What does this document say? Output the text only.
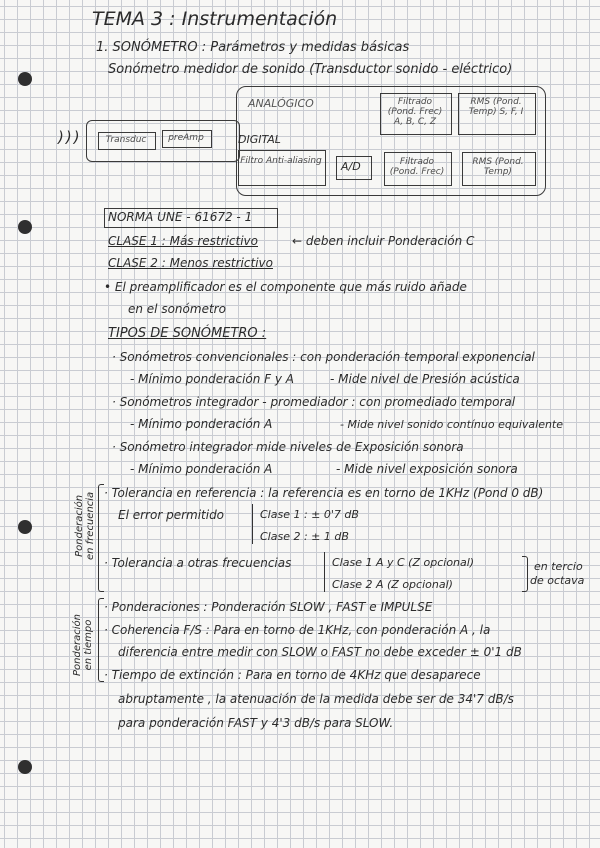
TEMA 3 : Instrumentación
1. SONÓMETRO : Parámetros y medidas básicas
Sonómetro medidor de sonido (Transductor sonido - eléctrico)
)))	Transduc	preAmp
ANALÓGICO
DIGITAL
Filtrado (Pond. Frec) A, B, C, Z
RMS (Pond. Temp) S, F, I
Filtro Anti-aliasing A/D	Filtrado (Pond. Frec)
RMS (Pond. Temp)
NORMA UNE - 61672 - 1
CLASE 1 : Más restrictivo	← deben incluir Ponderación C
CLASE 2 : Menos restrictivo
• El preamplificador es el componente que más ruido añade
en el sonómetro
TIPOS DE SONÓMETRO :
· Sonómetros convencionales : con ponderación temporal exponencial
- Mínimo ponderación F y A	- Mide nivel de Presión acústica
· Sonómetros integrador - promediador : con promediado temporal
- Mínimo ponderación A	- Mide nivel sonido contínuo equivalente
· Sonómetro integrador mide niveles de Exposición sonora
- Mínimo ponderación A	- Mide nivel exposición sonora
Ponderación en frecuencia · Tolerancia en referencia : la referencia es en torno de 1KHz (Pond 0 dB)
El error permitido	Clase 1 : ± 0'7 dB
Clase 2 : ± 1 dB
· Tolerancia a otras frecuencias	Clase 1 A y C (Z opcional)
Clase 2 A (Z opcional)
en tercio
de octava
Ponderación en tiempo
· Ponderaciones : Ponderación SLOW , FAST e IMPULSE
· Coherencia F/S : Para en torno de 1KHz, con ponderación A , la
diferencia entre medir con SLOW o FAST no debe exceder ± 0'1 dB
· Tiempo de extinción : Para en torno de 4KHz que desaparece
abruptamente , la atenuación de la medida debe ser de 34'7 dB/s
para ponderación FAST y 4'3 dB/s para SLOW.
